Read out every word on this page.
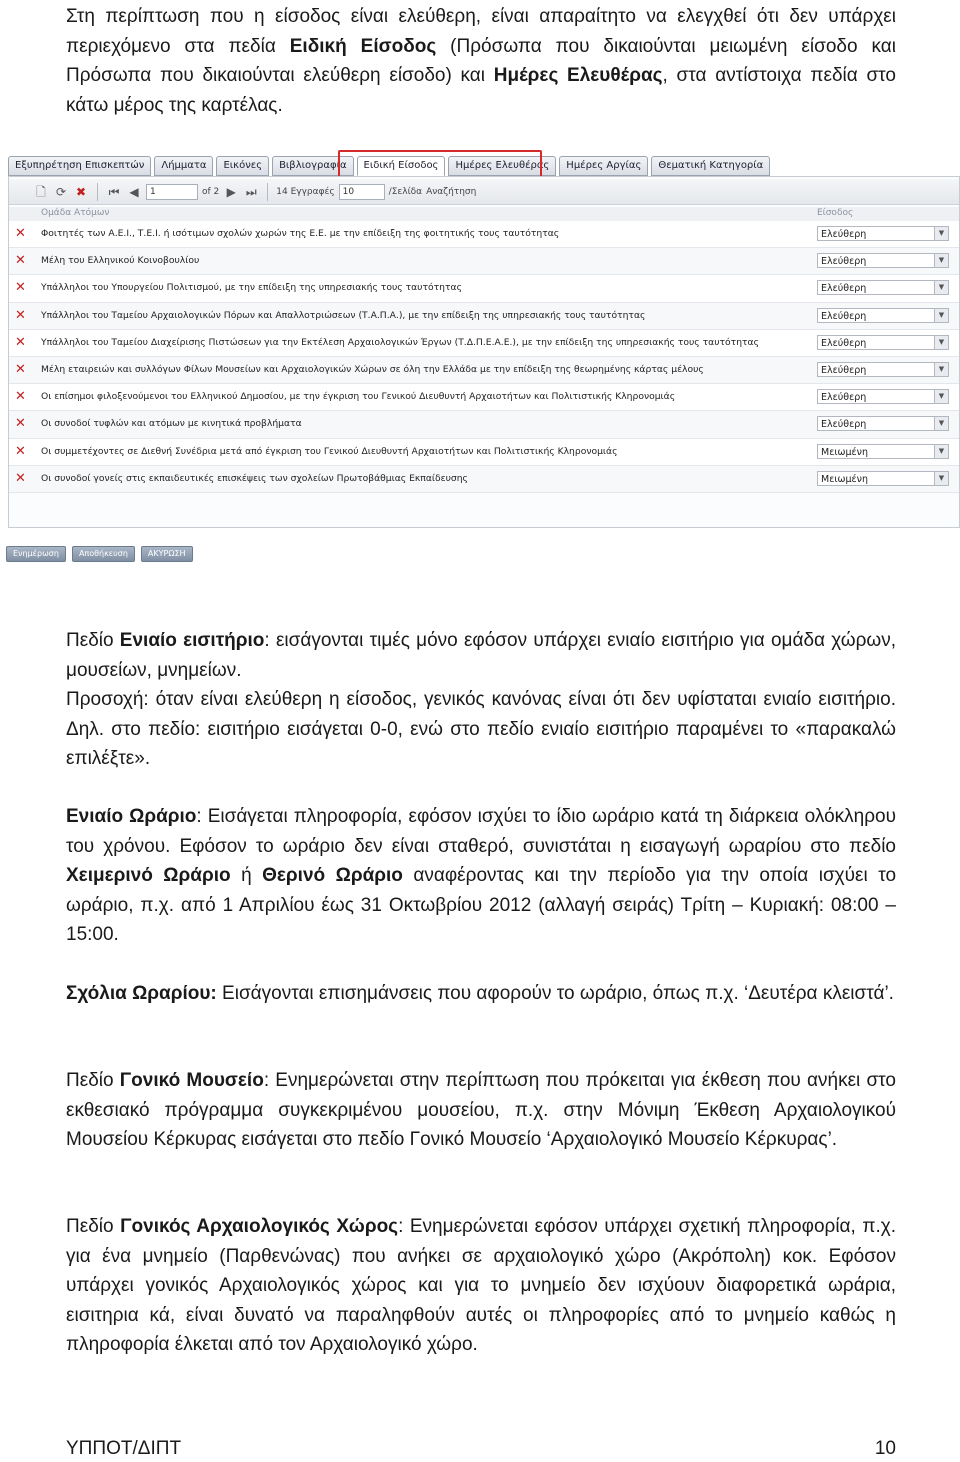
Στη περίπτωση που η είσοδος είναι ελεύθερη, είναι απαραίτητο να ελεγχθεί ότι δεν υπάρχει περιεχόμενο στα πεδία Ειδική Είσοδος (Πρόσωπα που δικαιούνται μειωμένη είσοδο και Πρόσωπα που δικαιούνται ελεύθερη είσοδο) και Ημέρες Ελευθέρας, στα αντίστοιχα πεδία στο κάτω μέρος της καρτέλας.

Εξυπηρέτηση Επισκεπτών	Λήμματα	Εικόνες	Βιβλιογραφία	Ειδική Είσοδος	Ημέρες Ελευθέρας	Ημέρες Αργίας	Θεματική Κατηγορία
🗋 ⟳ ✖ ⏮ ◀	1	of 2 ▶ ⏭ 14 Εγγραφές 10	/Σελίδα Αναζήτηση
Ομάδα Ατόμων	Είσοδος
✕ Φοιτητές των Α.Ε.Ι., Τ.Ε.Ι. ή ισότιμων σχολών χωρών της Ε.Ε. με την επίδειξη της φοιτητικής τους ταυτότητας	Ελεύθερη	▼
✕ Μέλη του Ελληνικού Κοινοβουλίου	Ελεύθερη	▼
✕ Υπάλληλοι του Υπουργείου Πολιτισμού, με την επίδειξη της υπηρεσιακής τους ταυτότητας	Ελεύθερη	▼
✕ Υπάλληλοι του Ταμείου Αρχαιολογικών Πόρων και Απαλλοτριώσεων (Τ.Α.Π.Α.), με την επίδειξη της υπηρεσιακής τους ταυτότητας	Ελεύθερη	▼
✕ Υπάλληλοι του Ταμείου Διαχείρισης Πιστώσεων για την Εκτέλεση Αρχαιολογικών Έργων (Τ.Δ.Π.Ε.Α.Ε.), με την επίδειξη της υπηρεσιακής τους ταυτότητας	Ελεύθερη	▼
✕ Μέλη εταιρειών και συλλόγων Φίλων Μουσείων και Αρχαιολογικών Χώρων σε όλη την Ελλάδα με την επίδειξη της θεωρημένης κάρτας μέλους	Ελεύθερη	▼
✕ Οι επίσημοι φιλοξενούμενοι του Ελληνικού Δημοσίου, με την έγκριση του Γενικού Διευθυντή Αρχαιοτήτων και Πολιτιστικής Κληρονομιάς	Ελεύθερη	▼
✕ Οι συνοδοί τυφλών και ατόμων με κινητικά προβλήματα	Ελεύθερη	▼
✕ Οι συμμετέχοντες σε Διεθνή Συνέδρια μετά από έγκριση του Γενικού Διευθυντή Αρχαιοτήτων και Πολιτιστικής Κληρονομιάς	Μειωμένη	▼
✕ Οι συνοδοί γονείς στις εκπαιδευτικές επισκέψεις των σχολείων Πρωτοβάθμιας Εκπαίδευσης	Μειωμένη	▼
Ενημέρωση	Αποθήκευση	ΑΚΥΡΩΣΗ

Πεδίο Ενιαίο εισιτήριο: εισάγονται τιμές μόνο εφόσον υπάρχει ενιαίο εισιτήριο για ομάδα χώρων, μουσείων, μνημείων.

Προσοχή: όταν είναι ελεύθερη η είσοδος, γενικός κανόνας είναι ότι δεν υφίσταται ενιαίο εισιτήριο. Δηλ. στο πεδίο: εισιτήριο εισάγεται 0-0, ενώ στο πεδίο ενιαίο εισιτήριο παραμένει το «παρακαλώ επιλέξτε».

Ενιαίο Ωράριο: Εισάγεται πληροφορία, εφόσον ισχύει το ίδιο ωράριο κατά τη διάρκεια ολόκληρου του χρόνου. Εφόσον το ωράριο δεν είναι σταθερό, συνιστάται η εισαγωγή ωραρίου στο πεδίο Χειμερινό Ωράριο ή Θερινό Ωράριο αναφέροντας και την περίοδο για την οποία ισχύει το ωράριο, π.χ. από 1 Απριλίου έως 31 Οκτωβρίου 2012 (αλλαγή σειράς) Τρίτη – Κυριακή: 08:00 – 15:00.

Σχόλια Ωραρίου: Εισάγονται επισημάνσεις που αφορούν το ωράριο, όπως π.χ. ‘Δευτέρα κλειστά’.

Πεδίο Γονικό Μουσείο: Ενημερώνεται στην περίπτωση που πρόκειται για έκθεση που ανήκει στο εκθεσιακό πρόγραμμα συγκεκριμένου μουσείου, π.χ. στην Μόνιμη Έκθεση Αρχαιολογικού Μουσείου Κέρκυρας εισάγεται στο πεδίο Γονικό Μουσείο ‘Αρχαιολογικό Μουσείο Κέρκυρας’.

Πεδίο Γονικός Αρχαιολογικός Χώρος: Ενημερώνεται εφόσον υπάρχει σχετική πληροφορία, π.χ. για ένα μνημείο (Παρθενώνας) που ανήκει σε αρχαιολογικό χώρο (Ακρόπολη) κοκ. Εφόσον υπάρχει γονικός Αρχαιολογικός χώρος και για το μνημείο δεν ισχύουν διαφορετικά ωράρια, εισιτηρια κά, είναι δυνατό να παραληφθούν αυτές οι πληροφορίες από το μνημείο καθώς η πληροφορία έλκεται από τον Αρχαιολογικό χώρο.

ΥΠΠΟΤ/ΔΙΠΤ	10
